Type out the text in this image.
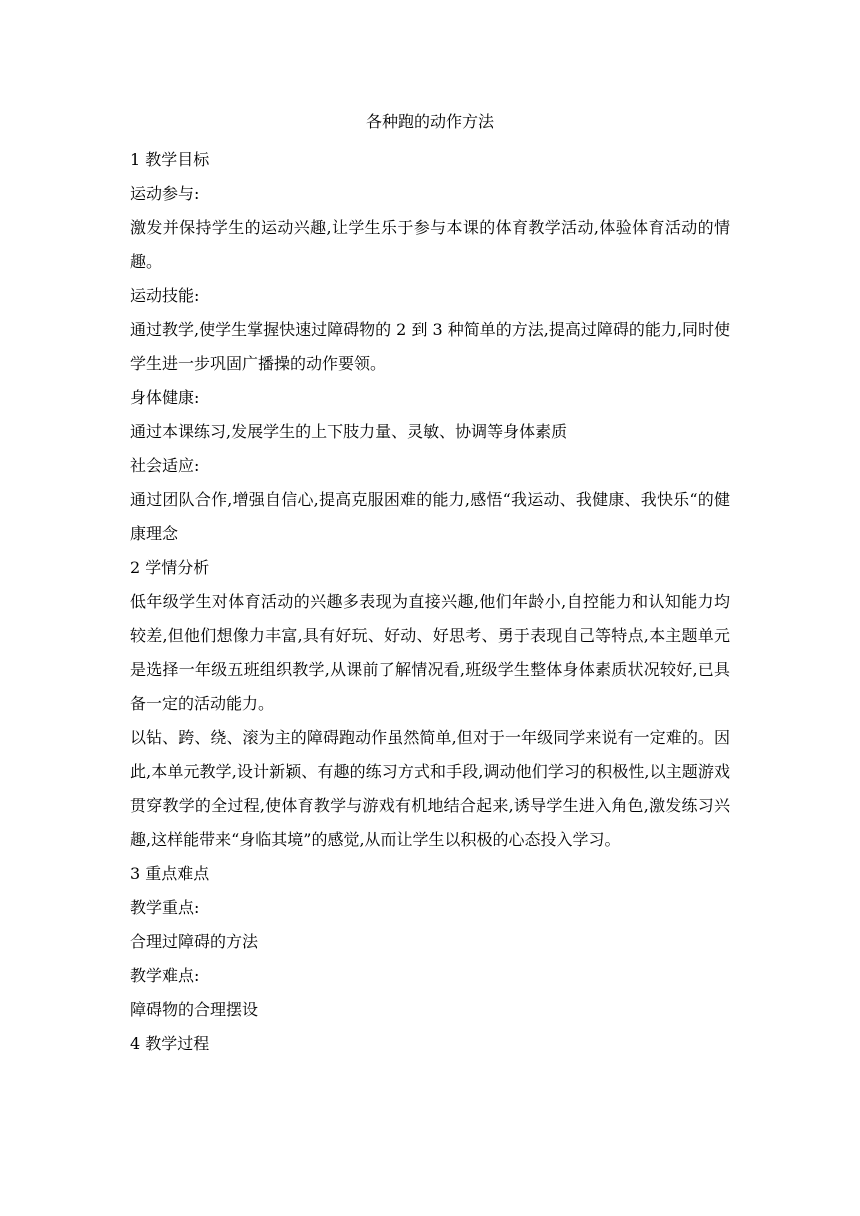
各种跑的动作方法
1 教学目标
运动参与:
激发并保持学生的运动兴趣,让学生乐于参与本课的体育教学活动,体验体育活动的情趣。
运动技能:
通过教学,使学生掌握快速过障碍物的 2 到 3 种简单的方法,提高过障碍的能力,同时使学生进一步巩固广播操的动作要领。
身体健康:
通过本课练习,发展学生的上下肢力量、灵敏、协调等身体素质
社会适应:
通过团队合作,增强自信心,提高克服困难的能力,感悟“我运动、我健康、我快乐“的健康理念
2 学情分析
低年级学生对体育活动的兴趣多表现为直接兴趣,他们年龄小,自控能力和认知能力均较差,但他们想像力丰富,具有好玩、好动、好思考、勇于表现自己等特点,本主题单元是选择一年级五班组织教学,从课前了解情况看,班级学生整体身体素质状况较好,已具备一定的活动能力。
以钻、跨、绕、滚为主的障碍跑动作虽然简单,但对于一年级同学来说有一定难的。因此,本单元教学,设计新颖、有趣的练习方式和手段,调动他们学习的积极性,以主题游戏贯穿教学的全过程,使体育教学与游戏有机地结合起来,诱导学生进入角色,激发练习兴趣,这样能带来“身临其境”的感觉,从而让学生以积极的心态投入学习。
3 重点难点
教学重点:
合理过障碍的方法
教学难点:
障碍物的合理摆设
4 教学过程
